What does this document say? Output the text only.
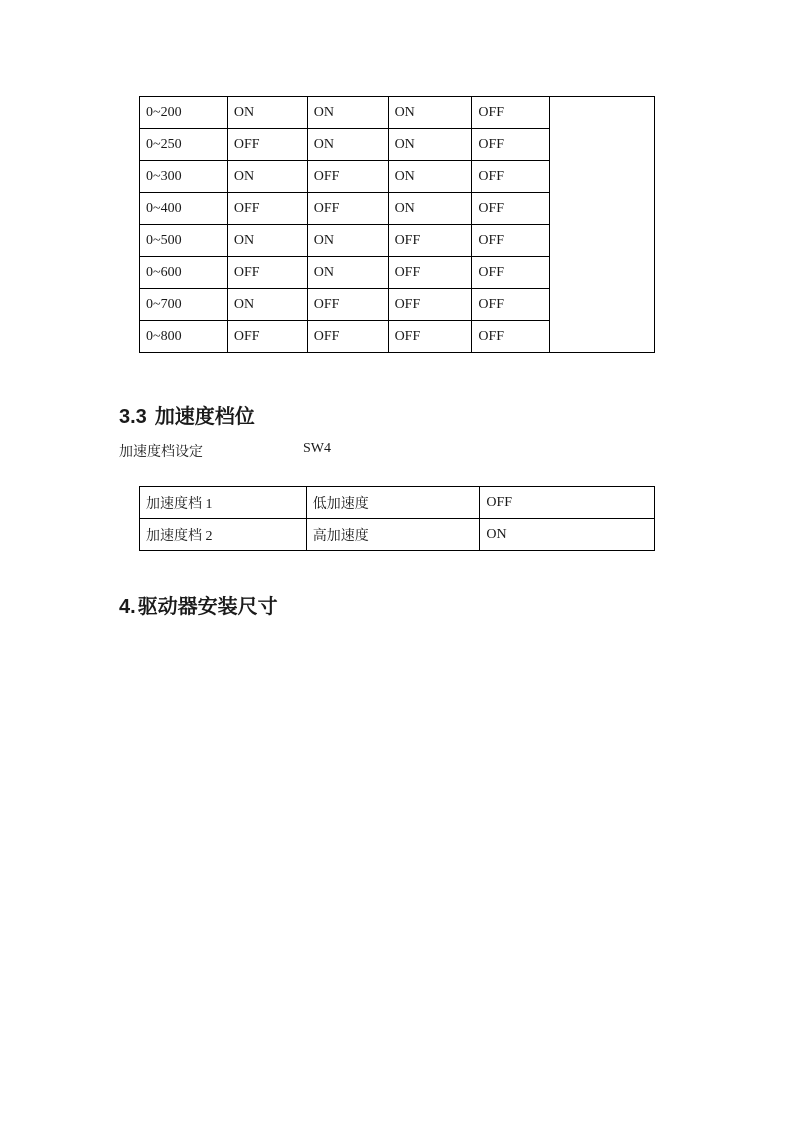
0~200	ON	ON	ON	OFF	
0~250	OFF	ON	ON	OFF	
0~300	ON	OFF	ON	OFF	
0~400	OFF	OFF	ON	OFF	
0~500	ON	ON	OFF	OFF	
0~600	OFF	ON	OFF	OFF	
0~700	ON	OFF	OFF	OFF	
0~800	OFF	OFF	OFF	OFF	
3.3 加速度档位
加速度档设定	SW4
加速度档 1	低加速度	OFF
加速度档 2	高加速度	ON
4. 驱动器安装尺寸
